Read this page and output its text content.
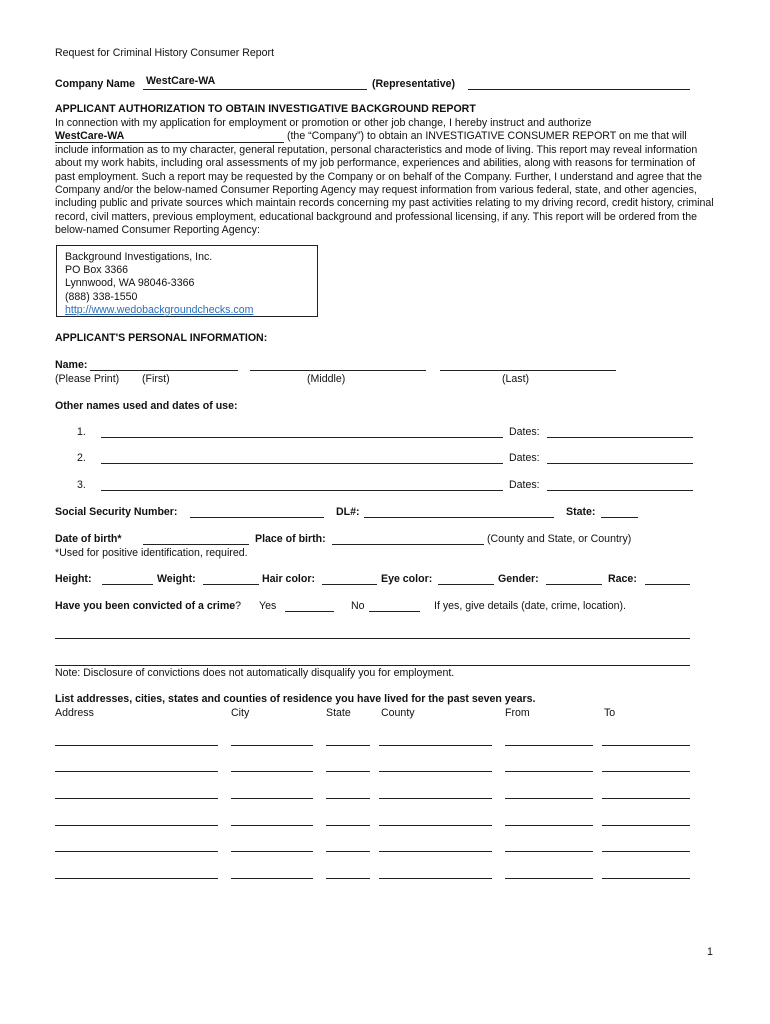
Request for Criminal History Consumer Report
Company Name WestCare-WA	(Representative)
APPLICANT AUTHORIZATION TO OBTAIN INVESTIGATIVE BACKGROUND REPORT
In connection with my application for employment or promotion or other job change, I hereby instruct and authorize
WestCare-WA	(the “Company”) to obtain an INVESTIGATIVE CONSUMER REPORT on me that will include information as to my character, general reputation, personal characteristics and mode of living. This report may reveal information about my work habits, including oral assessments of my job performance, experiences and abilities, along with reasons for termination of past employment. Such a report may be requested by the Company or on behalf of the Company. Further, I understand and agree that the Company and/or the below-named Consumer Reporting Agency may request information from various federal, state, and other agencies, including public and private sources which maintain records concerning my past activities relating to my driving record, credit history, criminal record, civil matters, previous employment, educational background and professional licensing, if any. This report will be ordered from the below-named Consumer Reporting Agency:
Background Investigations, Inc.
PO Box 3366
Lynnwood, WA 98046-3366
(888) 338-1550
http://www.wedobackgroundchecks.com
APPLICANT'S PERSONAL INFORMATION:
Name:
(Please Print) (First)	(Middle)	(Last)
Other names used and dates of use:
1.	Dates:
2.	Dates:
3.	Dates:
Social Security Number:	DL#:	State:
Date of birth*	Place of birth:	(County and State, or Country)
*Used for positive identification, required.
Height:	Weight:	Hair color:	Eye color:	Gender:	Race:
Have you been convicted of a crime? Yes	No	If yes, give details (date, crime, location).
Note: Disclosure of convictions does not automatically disqualify you for employment.
List addresses, cities, states and counties of residence you have lived for the past seven years.
Address	City	State	County	From	To
1
